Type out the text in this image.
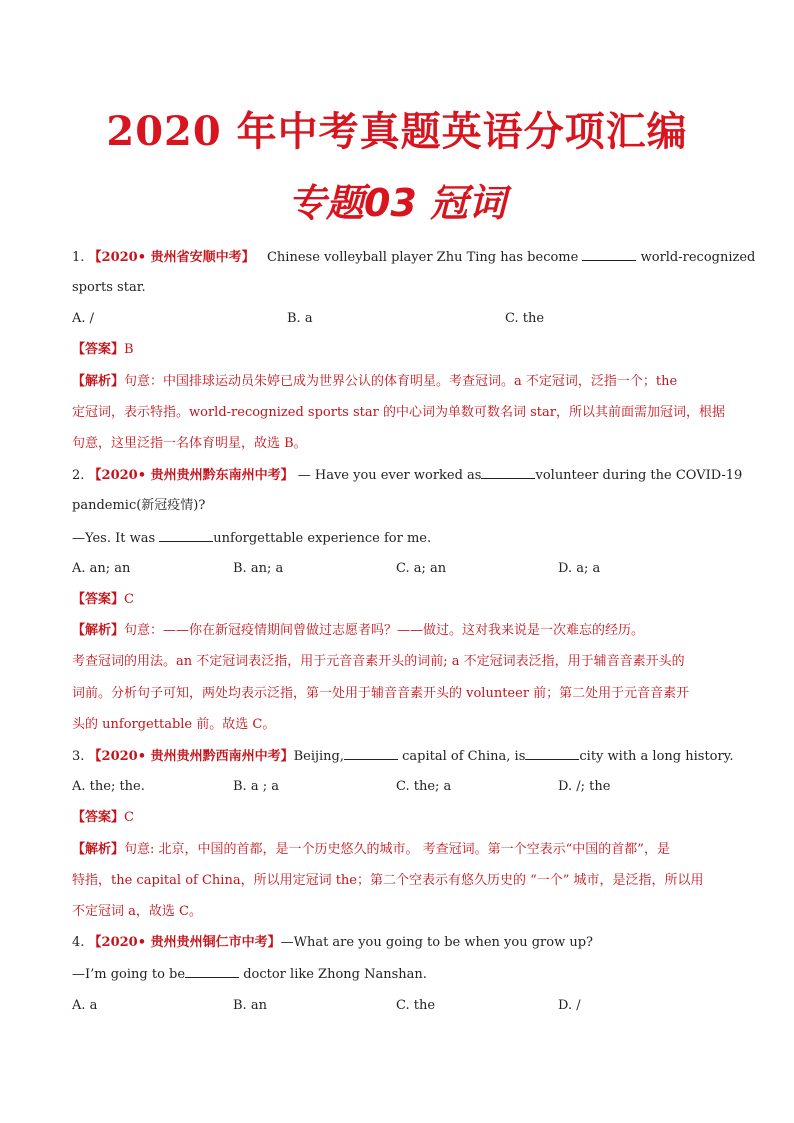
2020 年中考真题英语分项汇编
专题03 冠词
1. 【2020• 贵州省安顺中考】 Chinese volleyball player Zhu Ting has become	world-recognized
sports star.
A. /	B. a	C. the
【答案】B
【解析】句意：中国排球运动员朱婷已成为世界公认的体育明星。考查冠词。a 不定冠词，泛指一个；the
定冠词，表示特指。world-recognized sports star 的中心词为单数可数名词 star，所以其前面需加冠词，根据
句意，这里泛指一名体育明星，故选 B。
2. 【2020• 贵州贵州黔东南州中考】 — Have you ever worked as	volunteer during the COVID-19
pandemic(新冠疫情)?
—Yes. It was	unforgettable experience for me.
A. an; an	B. an; a	C. a; an	D. a; a
【答案】C
【解析】句意：——你在新冠疫情期间曾做过志愿者吗？——做过。这对我来说是一次难忘的经历。
考查冠词的用法。an 不定冠词表泛指，用于元音音素开头的词前; a 不定冠词表泛指，用于辅音音素开头的
词前。分析句子可知，两处均表示泛指，第一处用于辅音音素开头的 volunteer 前；第二处用于元音音素开
头的 unforgettable 前。故选 C。
3. 【2020• 贵州贵州黔西南州中考】Beijing,	capital of China, is	city with a long history.
A. the; the.	B. a ; a	C. the; a	D. /; the
【答案】C
【解析】句意: 北京，中国的首都，是一个历史悠久的城市。 考查冠词。第一个空表示“中国的首都”，是
特指，the capital of China，所以用定冠词 the；第二个空表示有悠久历史的 “一个” 城市，是泛指，所以用
不定冠词 a，故选 C。
4. 【2020• 贵州贵州铜仁市中考】—What are you going to be when you grow up?
—I’m going to be	doctor like Zhong Nanshan.
A. a	B. an	C. the	D. /
